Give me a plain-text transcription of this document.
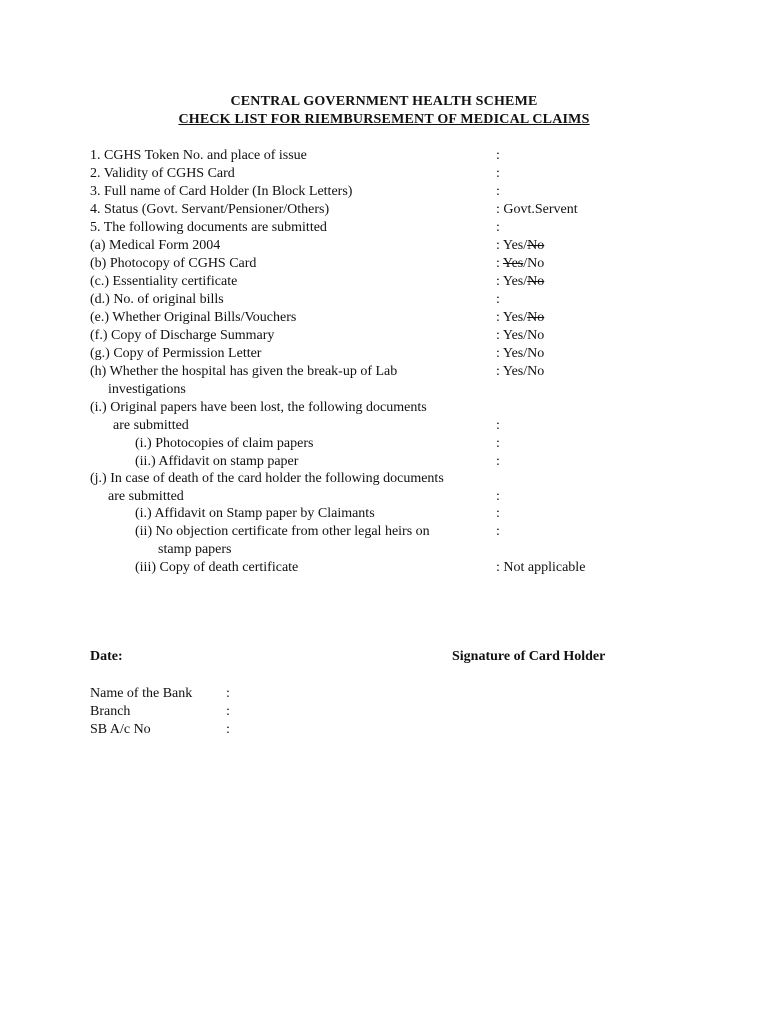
CENTRAL GOVERNMENT HEALTH SCHEME
CHECK LIST FOR RIEMBURSEMENT OF MEDICAL CLAIMS
1. CGHS Token No. and place of issue	:
2. Validity of CGHS Card	:
3. Full name of Card Holder (In Block Letters)	:
4. Status (Govt. Servant/Pensioner/Others)	: Govt.Servent
5. The following documents are submitted	:
(a) Medical Form 2004	: Yes/No
(b) Photocopy of CGHS Card	: Yes/No
(c.) Essentiality certificate	: Yes/No
(d.) No. of original bills	:
(e.) Whether Original Bills/Vouchers	: Yes/No
(f.) Copy of Discharge Summary	: Yes/No
(g.) Copy of Permission Letter	: Yes/No
(h) Whether the hospital has given the break-up of Lab	: Yes/No
investigations
(i.) Original papers have been lost, the following documents
are submitted	:
(i.) Photocopies of claim papers	:
(ii.) Affidavit on stamp paper	:
(j.) In case of death of the card holder the following documents
are submitted	:
(i.) Affidavit on Stamp paper by Claimants	:
(ii) No objection certificate from other legal heirs on	:
stamp papers
(iii) Copy of death certificate	: Not applicable
Date:	Signature of Card Holder
Name of the Bank :
Branch	:
SB A/c No	:
